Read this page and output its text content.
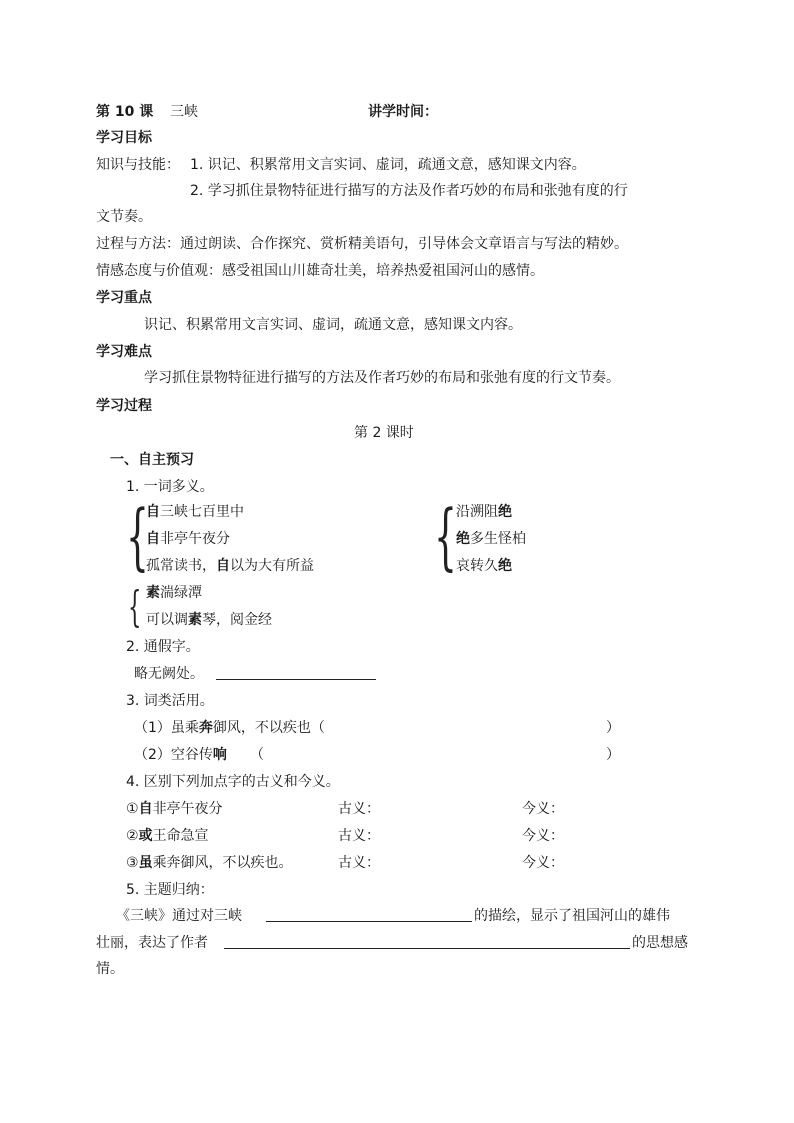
第 10 课 三峡	讲学时间：
学习目标
知识与技能： 1. 识记、积累常用文言实词、虚词，疏通文意，感知课文内容。
2. 学习抓住景物特征进行描写的方法及作者巧妙的布局和张弛有度的行
文节奏。
过程与方法：通过朗读、合作探究、赏析精美语句，引导体会文章语言与写法的精妙。
情感态度与价值观：感受祖国山川雄奇壮美，培养热爱祖国河山的感情。
学习重点
识记、积累常用文言实词、虚词，疏通文意，感知课文内容。
学习难点
学习抓住景物特征进行描写的方法及作者巧妙的布局和张弛有度的行文节奏。
学习过程
第 2 课时
一、自主预习
1. 一词多义。
{
自三峡七百里中
自非亭午夜分
孤常读书，自以为大有所益 { 沿溯阻绝
绝多生怪柏
哀转久绝
{ 素湍绿潭
可以调素琴，阅金经
2. 通假字。
略无阙处。
3. 词类活用。
（1）虽乘奔御风，不以疾也（	）
（2）空谷传响 （	）
4. 区别下列加点字的古义和今义。
①自非亭午夜分	古义：	今义：
②或王命急宣	古义：	今义：
③虽乘奔御风，不以疾也。	古义：	今义：
5. 主题归纳：
《三峡》通过对三峡	的描绘，显示了祖国河山的雄伟
壮丽，表达了作者	的思想感
情。
